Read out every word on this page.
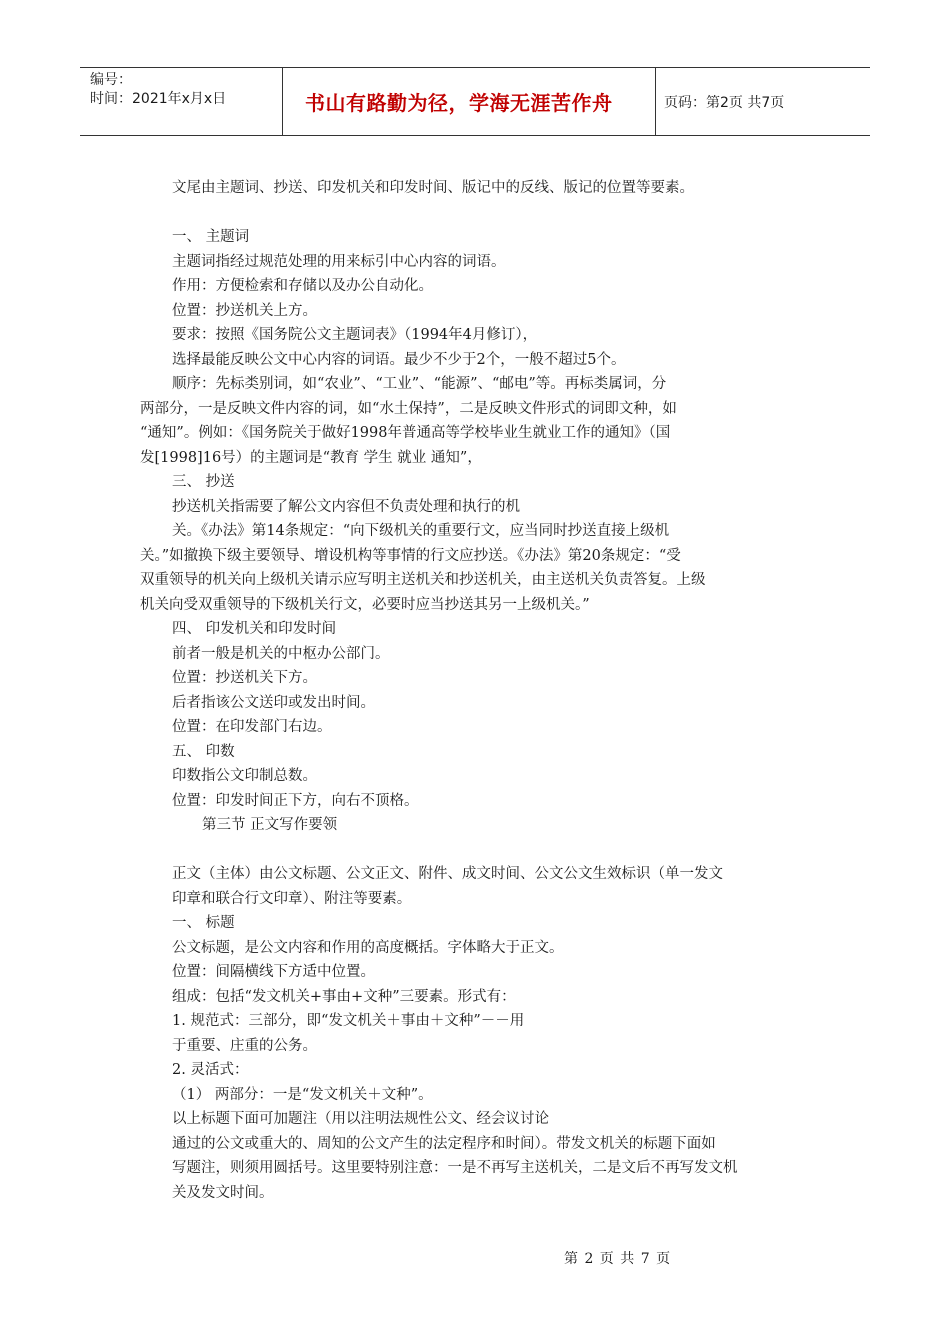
编号：
时间：2021年x月x日	书山有路勤为径，学海无涯苦作舟	页码：第2页 共7页
文尾由主题词、抄送、印发机关和印发时间、版记中的反线、版记的位置等要素。
一、 主题词
主题词指经过规范处理的用来标引中心内容的词语。
作用：方便检索和存储以及办公自动化。
位置：抄送机关上方。
要求：按照《国务院公文主题词表》（1994年4月修订），
选择最能反映公文中心内容的词语。最少不少于2个，一般不超过5个。
顺序：先标类别词，如“农业”、“工业”、“能源”、“邮电”等。再标类属词，分
两部分，一是反映文件内容的词，如“水土保持”，二是反映文件形式的词即文种，如
“通知”。例如：《国务院关于做好1998年普通高等学校毕业生就业工作的通知》（国
发[1998]16号）的主题词是“教育 学生 就业 通知”，
三、 抄送
抄送机关指需要了解公文内容但不负责处理和执行的机
关。《办法》第14条规定：“向下级机关的重要行文，应当同时抄送直接上级机
关。”如撤换下级主要领导、增设机构等事情的行文应抄送。《办法》第20条规定：“受
双重领导的机关向上级机关请示应写明主送机关和抄送机关，由主送机关负责答复。上级
机关向受双重领导的下级机关行文，必要时应当抄送其另一上级机关。”
四、 印发机关和印发时间
前者一般是机关的中枢办公部门。
位置：抄送机关下方。
后者指该公文送印或发出时间。
位置：在印发部门右边。
五、 印数
印数指公文印制总数。
位置：印发时间正下方，向右不顶格。
第三节 正文写作要领
正文（主体）由公文标题、公文正文、附件、成文时间、公文公文生效标识（单一发文
印章和联合行文印章）、附注等要素。
一、 标题
公文标题，是公文内容和作用的高度概括。字体略大于正文。
位置：间隔横线下方适中位置。
组成：包括“发文机关+事由+文种”三要素。形式有：
1. 规范式：三部分，即“发文机关＋事由＋文种”－－用
于重要、庄重的公务。
2. 灵活式：
（1） 两部分：一是“发文机关＋文种”。
以上标题下面可加题注（用以注明法规性公文、经会议讨论
通过的公文或重大的、周知的公文产生的法定程序和时间）。带发文机关的标题下面如
写题注，则须用圆括号。这里要特别注意：一是不再写主送机关，二是文后不再写发文机
关及发文时间。
第 2 页 共 7 页
